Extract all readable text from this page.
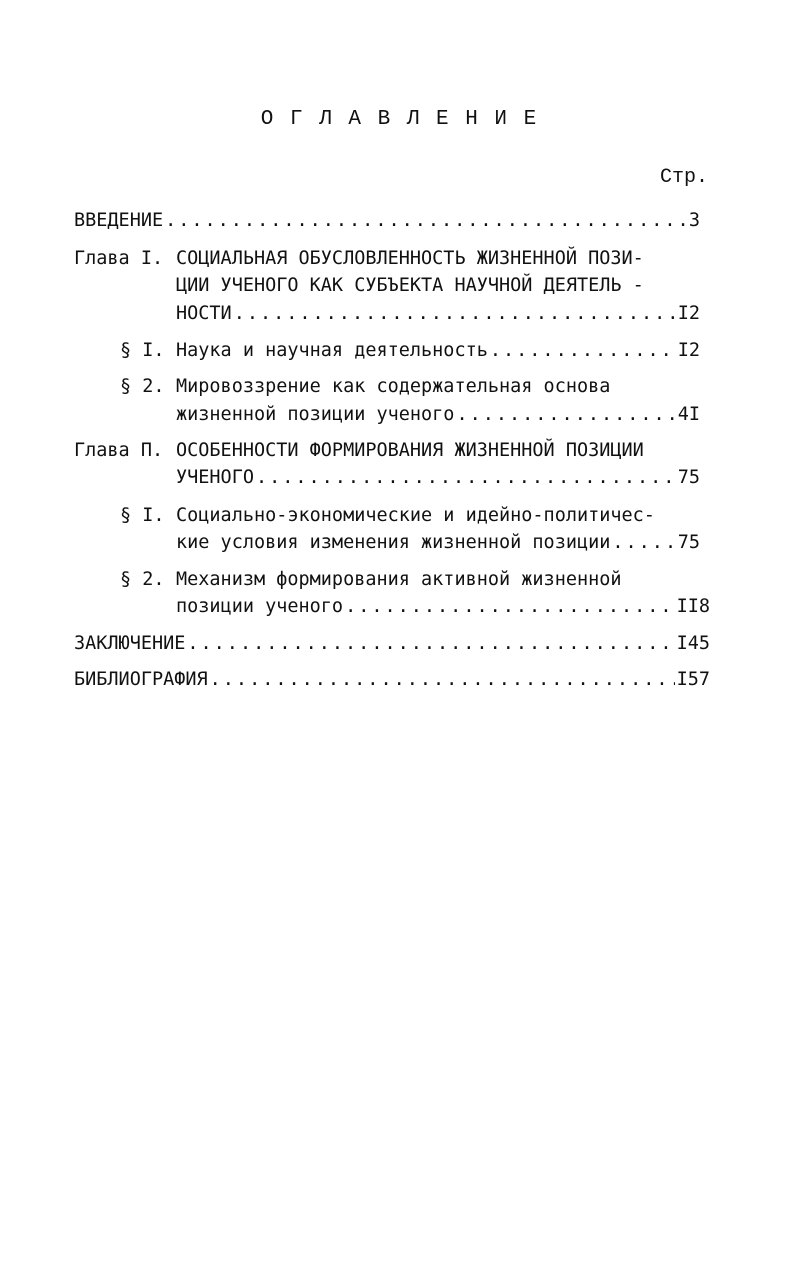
О Г Л А В Л Е Н И Е
Стр.
ВВЕДЕНИЕ .....	3
Глава I. СОЦИАЛЬНАЯ ОБУСЛОВЛЕННОСТЬ ЖИЗНЕННОЙ ПОЗИ-
ЦИИ УЧЕНОГО КАК СУБЪЕКТА НАУЧНОЙ ДЕЯТЕЛЬ -
НОСТИ .....	I2
§ I. Наука и научная деятельность .....	I2
§ 2. Мировоззрение как содержательная основа
жизненной позиции ученого .....	4I
Глава П. ОСОБЕННОСТИ ФОРМИРОВАНИЯ ЖИЗНЕННОЙ ПОЗИЦИИ
УЧЕНОГО .....	75
§ I. Социально-экономические и идейно-политичес-
кие условия изменения жизненной позиции .....	75
§ 2. Механизм формирования активной жизненной
позиции ученого .....	II8
ЗАКЛЮЧЕНИЕ .....	I45
БИБЛИОГРАФИЯ .....	I57
